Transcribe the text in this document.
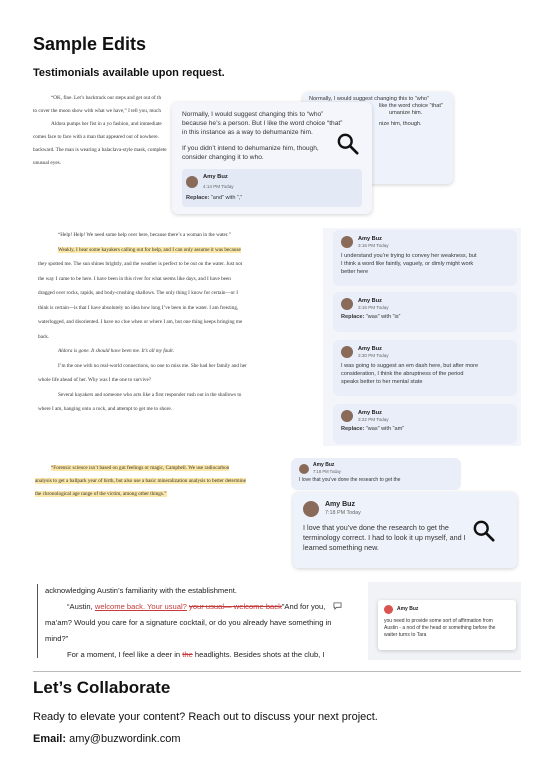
Sample Edits
Testimonials available upon request.
“OK, fine. Let’s backtrack our steps and get out of th
to cover the moon show with what we have,” I tell you, much
Aldora pumps her fist in a yo fashion, and immediate
comes face to face with a man that appeared out of nowhere.
backward. The man is wearing a balaclava-style mask, complete
unusual eyes.
Normally, I would suggest changing this to “who”
like the word choice “that”
umanize him.
nize him, though.
Normally, I would suggest changing this to “who”
because he’s a person. But I like the word choice “that”
in this instance as a way to dehumanize him.
If you didn’t intend to dehumanize him, though,
consider changing it to who.
Amy Buz
4:14 PM Today
Replace: “and” with “,”
“Help! Help! We need some help over here, because there’s a woman in the water.”
Weakly, I hear some kayakers calling out for help, and I can only assume it was because
they spotted me. The sun shines brightly, and the weather is perfect to be out on the water. Just not
the way I came to be here. I have been in this river for what seems like days, and I have been
dragged over rocks, rapids, and body-crushing shallows. The only thing I know for certain—or I
think is certain—is that I have absolutely no idea how long I’ve been in the water. I am freezing,
waterlogged, and disoriented. I have no clue when or where I am, but one thing keeps bringing me
back.
Aldora is gone. It should have been me. It’s all my fault.
I’m the one with no real-world connections, no one to miss me. She had her family and her
whole life ahead of her. Why was I the one to survive?
Several kayakers and someone who acts like a first responder rush out in the shallows to
where I am, hanging onto a rock, and attempt to get me to shore.
Amy Buz
3:16 PM Today
I understand you’re trying to convey her weakness, but
I think a word like faintly, vaguely, or dimly might work
better here
Amy Buz
3:16 PM Today
Replace: “was” with “is”
Amy Buz
3:30 PM Today
I was going to suggest an em dash here, but after more
consideration, I think the abruptness of the period
speaks better to her mental state
Amy Buz
3:22 PM Today
Replace: “was” with “am”
“Forensic science isn’t based on gut feelings or magic, Campbell. We use radiocarbon
analysis to get a ballpark year of birth, but also use a basic mineralization analysis to better determine
the chronological age range of the victim, among other things.”
Amy Buz
7:18 PM Today
I love that you’ve done the research to get the
Amy Buz
7:18 PM Today
I love that you’ve done the research to get the
terminology correct. I had to look it up myself, and I
learned something new.
acknowledging Austin’s familiarity with the establishment.
“Austin, welcome back. Your usual? your usual— welcome back”And for you,
ma’am? Would you care for a signature cocktail, or do you already have something in
mind?”
For a moment, I feel like a deer in the headlights. Besides shots at the club, I
Amy Buz
you need to provide some sort of affirmation from
Austin - a nod of the head or something before the
waiter turns to Tara
Let’s Collaborate
Ready to elevate your content? Reach out to discuss your next project.
Email: amy@buzwordink.com
